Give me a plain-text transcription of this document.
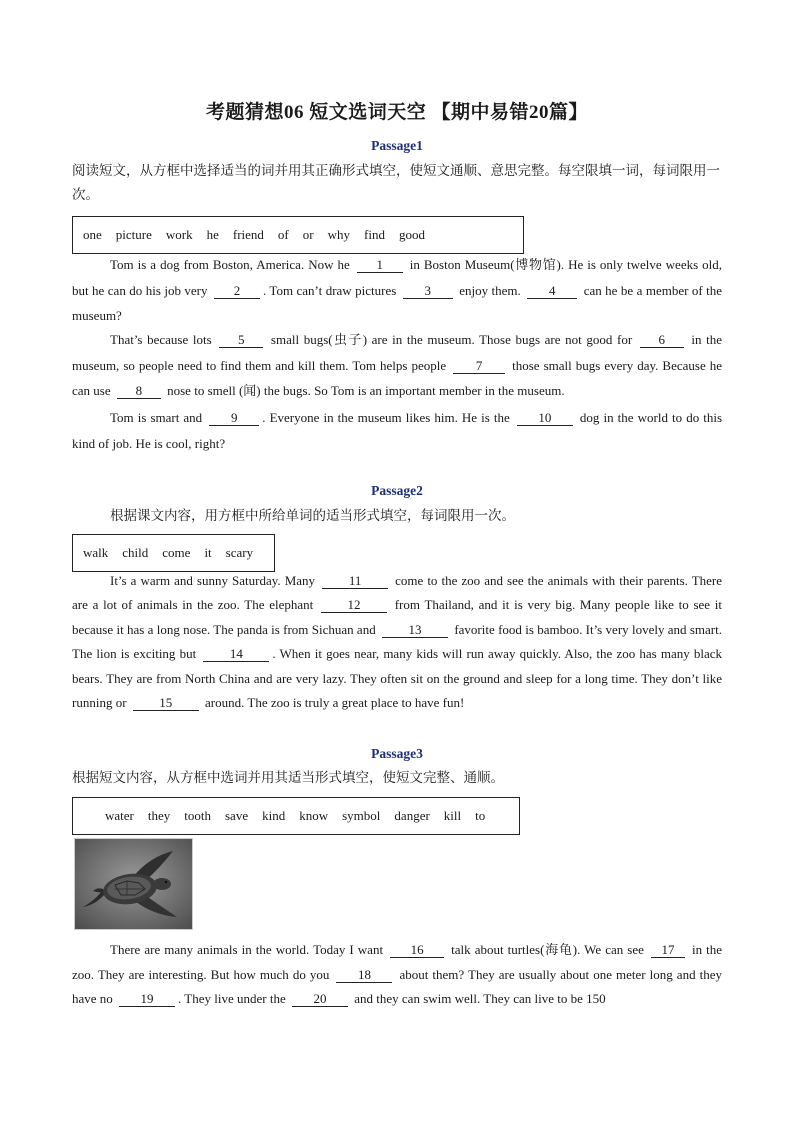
考题猜想06 短文选词天空 【期中易错20篇】
Passage1
阅读短文，从方框中选择适当的词并用其正确形式填空，使短文通顺、意思完整。每空限填一词，每词限用一次。
one picture work he friend of or why find good
Tom is a dog from Boston, America. Now he 1 in Boston Museum(博物馆). He is only twelve weeks old, but he can do his job very 2 . Tom can’t draw pictures 3 enjoy them. 4 can he be a member of the museum?
That’s because lots 5 small bugs(虫子) are in the museum. Those bugs are not good for 6 in the museum, so people need to find them and kill them. Tom helps people 7 those small bugs every day. Because he can use 8 nose to smell (闻) the bugs. So Tom is an important member in the museum.
Tom is smart and 9 . Everyone in the museum likes him. He is the 10 dog in the world to do this kind of job. He is cool, right?
Passage2
根据课文内容，用方框中所给单词的适当形式填空，每词限用一次。
walk child come it scary
It’s a warm and sunny Saturday. Many	11	come to the zoo and see the animals with their parents. There are a lot of animals in the zoo. The elephant	12	from Thailand, and it is very big. Many people like to see it because it has a long nose. The panda is from Sichuan and	13	favorite food is bamboo. It’s very lovely and smart. The lion is exciting but	14 . When it goes near, many kids will run away quickly. Also, the zoo has many black bears. They are from North China and are very lazy. They often sit on the ground and sleep for a long time. They don’t like running or	15	around. The zoo is truly a great place to have fun!
Passage3
根据短文内容，从方框中选词并用其适当形式填空，使短文完整、通顺。
water they tooth save kind know symbol danger kill to
There are many animals in the world. Today I want 16 talk about turtles(海龟). We can see 17 in the zoo. They are interesting. But how much do you 18 about them? They are usually about one meter long and they have no 19 . They live under the 20 and they can swim well. They can live to be 150
